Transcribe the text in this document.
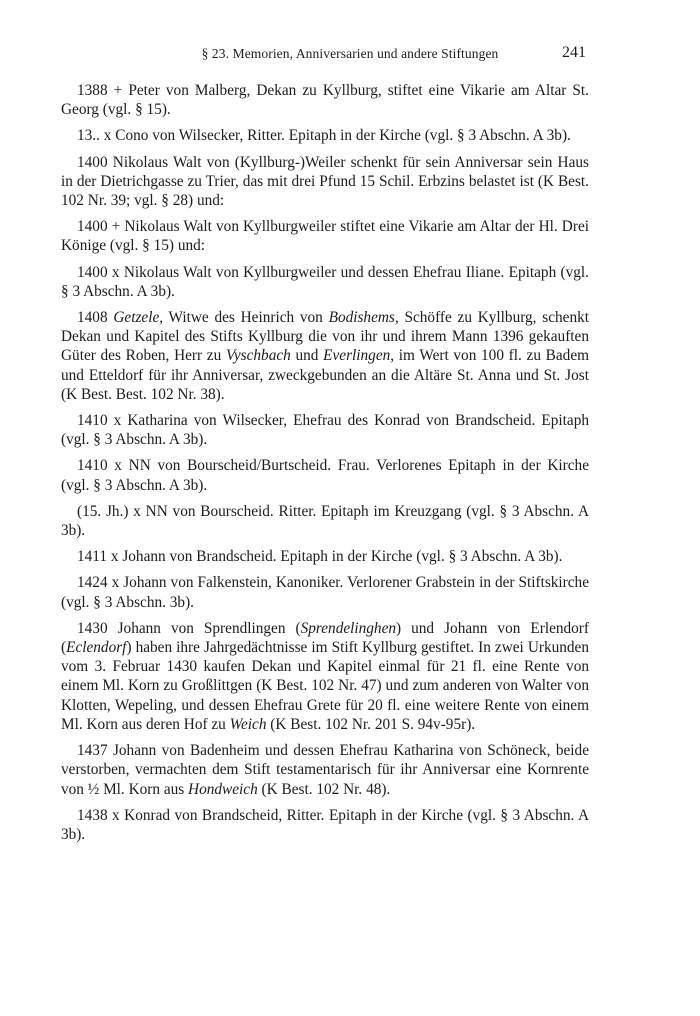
§ 23. Memorien, Anniversarien und andere Stiftungen	241

1388 + Peter von Malberg, Dekan zu Kyllburg, stiftet eine Vikarie am Altar St. Georg (vgl. § 15).

13.. x Cono von Wilsecker, Ritter. Epitaph in der Kirche (vgl. § 3 Abschn. A 3b).

1400 Nikolaus Walt von (Kyllburg-)Weiler schenkt für sein Anniversar sein Haus in der Dietrichgasse zu Trier, das mit drei Pfund 15 Schil. Erbzins belastet ist (K Best. 102 Nr. 39; vgl. § 28) und:

1400 + Nikolaus Walt von Kyllburgweiler stiftet eine Vikarie am Altar der Hl. Drei Könige (vgl. § 15) und:

1400 x Nikolaus Walt von Kyllburgweiler und dessen Ehefrau Iliane. Epitaph (vgl. § 3 Abschn. A 3b).

1408 Getzele, Witwe des Heinrich von Bodishems, Schöffe zu Kyllburg, schenkt Dekan und Kapitel des Stifts Kyllburg die von ihr und ihrem Mann 1396 gekauften Güter des Roben, Herr zu Vyschbach und Everlingen, im Wert von 100 fl. zu Badem und Etteldorf für ihr Anniversar, zweckgebunden an die Altäre St. Anna und St. Jost (K Best. Best. 102 Nr. 38).

1410 x Katharina von Wilsecker, Ehefrau des Konrad von Brandscheid. Epitaph (vgl. § 3 Abschn. A 3b).

1410 x NN von Bourscheid/Burtscheid. Frau. Verlorenes Epitaph in der Kirche (vgl. § 3 Abschn. A 3b).

(15. Jh.) x NN von Bourscheid. Ritter. Epitaph im Kreuzgang (vgl. § 3 Abschn. A 3b).

1411 x Johann von Brandscheid. Epitaph in der Kirche (vgl. § 3 Abschn. A 3b).

1424 x Johann von Falkenstein, Kanoniker. Verlorener Grabstein in der Stiftskirche (vgl. § 3 Abschn. 3b).

1430 Johann von Sprendlingen (Sprendelinghen) und Johann von Erlendorf (Eclendorf) haben ihre Jahrgedächtnisse im Stift Kyllburg gestiftet. In zwei Urkunden vom 3. Februar 1430 kaufen Dekan und Kapitel einmal für 21 fl. eine Rente von einem Ml. Korn zu Großlittgen (K Best. 102 Nr. 47) und zum anderen von Walter von Klotten, Wepeling, und dessen Ehefrau Grete für 20 fl. eine weitere Rente von einem Ml. Korn aus deren Hof zu Weich (K Best. 102 Nr. 201 S. 94v-95r).

1437 Johann von Badenheim und dessen Ehefrau Katharina von Schöneck, beide verstorben, vermachten dem Stift testamentarisch für ihr Anniversar eine Kornrente von ½ Ml. Korn aus Hondweich (K Best. 102 Nr. 48).

1438 x Konrad von Brandscheid, Ritter. Epitaph in der Kirche (vgl. § 3 Abschn. A 3b).
